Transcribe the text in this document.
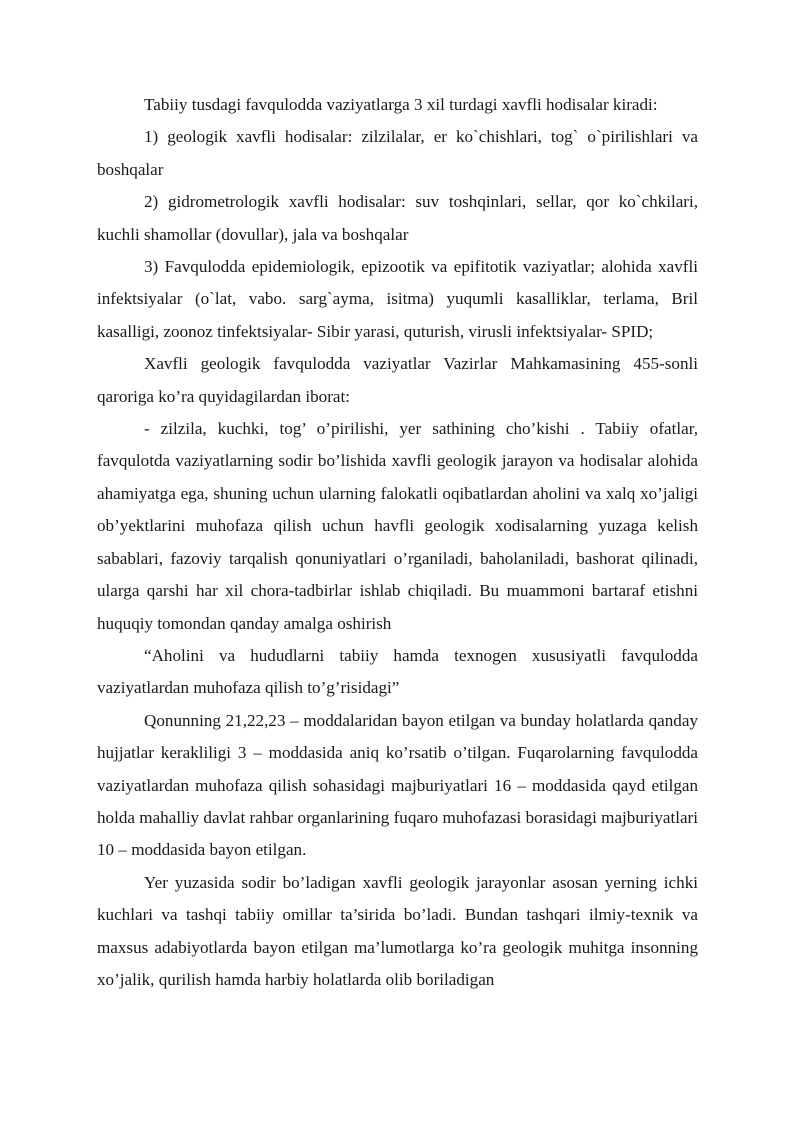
Tabiiy tusdagi favqulodda vaziyatlarga 3 xil turdagi xavfli hodisalar kiradi:

1) geologik xavfli hodisalar: zilzilalar, er ko`chishlari, tog` o`pirilishlari va boshqalar

2) gidrometrologik xavfli hodisalar: suv toshqinlari, sellar, qor ko`chkilari, kuchli shamollar (dovullar), jala va boshqalar

3) Favqulodda epidemiologik, epizootik va epifitotik vaziyatlar; alohida xavfli infektsiyalar (o`lat, vabo. sarg`ayma, isitma) yuqumli kasalliklar, terlama, Bril kasalligi, zoonoz tinfektsiyalar- Sibir yarasi, quturish, virusli infektsiyalar- SPID;

Xavfli geologik favqulodda vaziyatlar Vazirlar Mahkamasining 455-sonli qaroriga ko’ra quyidagilardan iborat:

- zilzila, kuchki, tog’ o’pirilishi, yer sathining cho’kishi . Tabiiy ofatlar, favqulotda vaziyatlarning sodir bo’lishida xavfli geologik jarayon va hodisalar alohida ahamiyatga ega, shuning uchun ularning falokatli oqibatlardan aholini va xalq xo’jaligi ob’yektlarini muhofaza qilish uchun havfli geologik xodisalarning yuzaga kelish sabablari, fazoviy tarqalish qonuniyatlari o’rganiladi, baholaniladi, bashorat qilinadi, ularga qarshi har xil chora-tadbirlar ishlab chiqiladi. Bu muammoni bartaraf etishni huquqiy tomondan qanday amalga oshirish

“Aholini va hududlarni tabiiy hamda texnogen xususiyatli favqulodda vaziyatlardan muhofaza qilish to’g’risidagi”

Qonunning 21,22,23 – moddalaridan bayon etilgan va bunday holatlarda qanday hujjatlar kerakliligi 3 – moddasida aniq ko’rsatib o’tilgan. Fuqarolarning favqulodda vaziyatlardan muhofaza qilish sohasidagi majburiyatlari 16 – moddasida qayd etilgan holda mahalliy davlat rahbar organlarining fuqaro muhofazasi borasidagi majburiyatlari 10 – moddasida bayon etilgan.

Yer yuzasida sodir bo’ladigan xavfli geologik jarayonlar asosan yerning ichki kuchlari va tashqi tabiiy omillar ta’sirida bo’ladi. Bundan tashqari ilmiy-texnik va maxsus adabiyotlarda bayon etilgan ma’lumotlarga ko’ra geologik muhitga insonning xo’jalik, qurilish hamda harbiy holatlarda olib boriladigan
